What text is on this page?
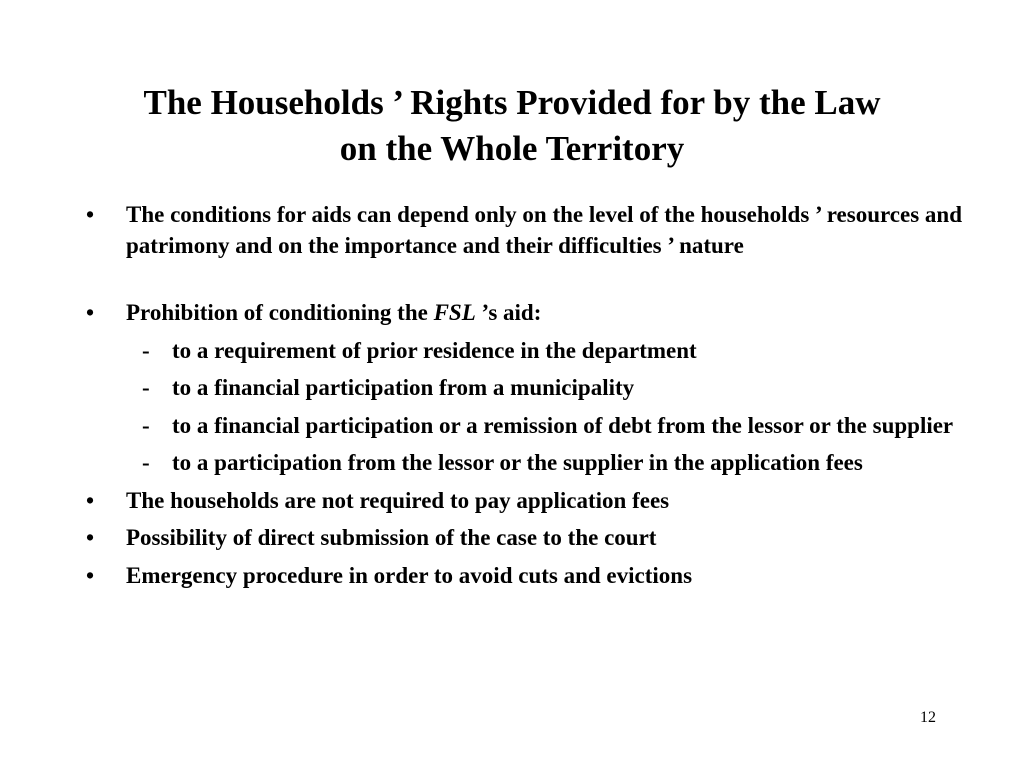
The Households ’ Rights Provided for by the Law
on the Whole Territory
• The conditions for aids can depend only on the level of the households ’ resources and patrimony and on the importance and their difficulties ’ nature
• Prohibition of conditioning the FSL ’s aid:
- to a requirement of prior residence in the department
- to a financial participation from a municipality
- to a financial participation or a remission of debt from the lessor or the supplier
- to a participation from the lessor or the supplier in the application fees
• The households are not required to pay application fees
• Possibility of direct submission of the case to the court
• Emergency procedure in order to avoid cuts and evictions
12
